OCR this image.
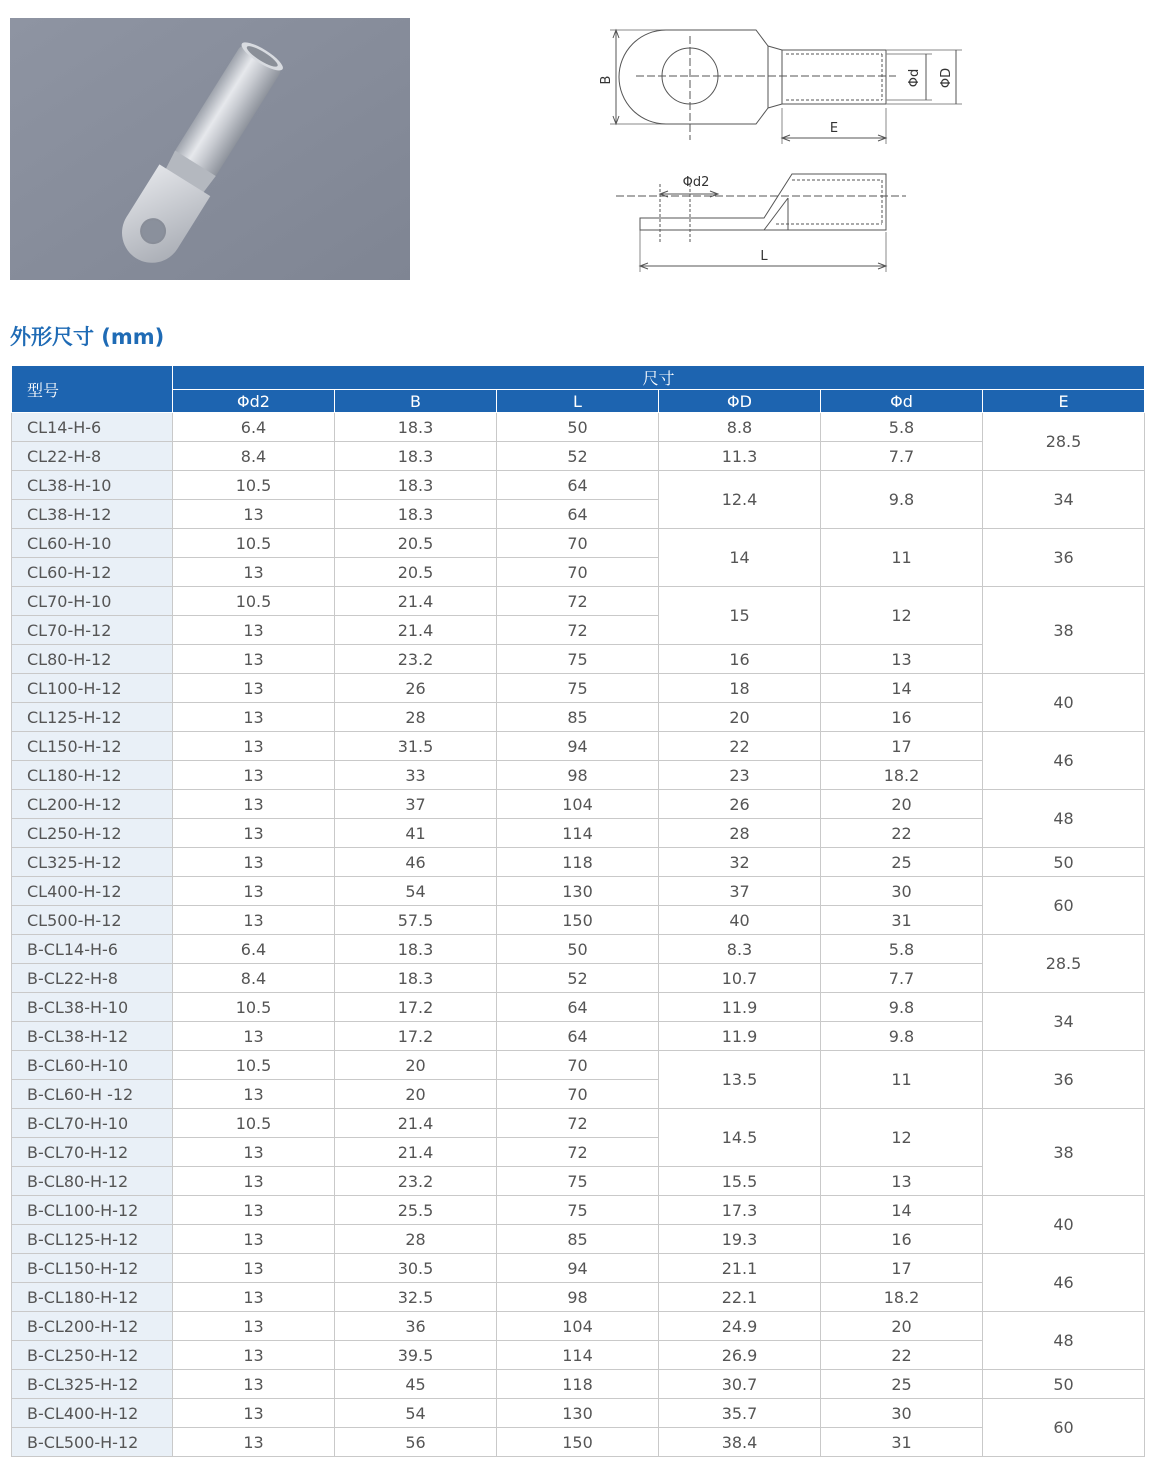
B	Φd ΦD
E
Φd2
L
外形尺寸 (mm)
型号	尺寸					
	Φd2	B	L	ΦD	Φd	E
CL14-H-6	6.4	18.3	50	8.8	5.8	28.5
CL22-H-8	8.4	18.3	52	11.3	7.7	
CL38-H-10	10.5	18.3	64	12.4	9.8	34
CL38-H-12	13	18.3	64			
CL60-H-10	10.5	20.5	70	14	11	36
CL60-H-12	13	20.5	70			
CL70-H-10	10.5	21.4	72	15	12	38
CL70-H-12	13	21.4	72			
CL80-H-12	13	23.2	75	16	13	
CL100-H-12	13	26	75	18	14	40
CL125-H-12	13	28	85	20	16	
CL150-H-12	13	31.5	94	22	17	46
CL180-H-12	13	33	98	23	18.2	
CL200-H-12	13	37	104	26	20	48
CL250-H-12	13	41	114	28	22	
CL325-H-12	13	46	118	32	25	50
CL400-H-12	13	54	130	37	30	60
CL500-H-12	13	57.5	150	40	31	
B-CL14-H-6	6.4	18.3	50	8.3	5.8	28.5
B-CL22-H-8	8.4	18.3	52	10.7	7.7	
B-CL38-H-10	10.5	17.2	64	11.9	9.8	34
B-CL38-H-12	13	17.2	64	11.9	9.8	
B-CL60-H-10	10.5	20	70	13.5	11	36
B-CL60-H -12	13	20	70			
B-CL70-H-10	10.5	21.4	72	14.5	12	38
B-CL70-H-12	13	21.4	72			
B-CL80-H-12	13	23.2	75	15.5	13	
B-CL100-H-12	13	25.5	75	17.3	14	40
B-CL125-H-12	13	28	85	19.3	16	
B-CL150-H-12	13	30.5	94	21.1	17	46
B-CL180-H-12	13	32.5	98	22.1	18.2	
B-CL200-H-12	13	36	104	24.9	20	48
B-CL250-H-12	13	39.5	114	26.9	22	
B-CL325-H-12	13	45	118	30.7	25	50
B-CL400-H-12	13	54	130	35.7	30	60
B-CL500-H-12	13	56	150	38.4	31	
